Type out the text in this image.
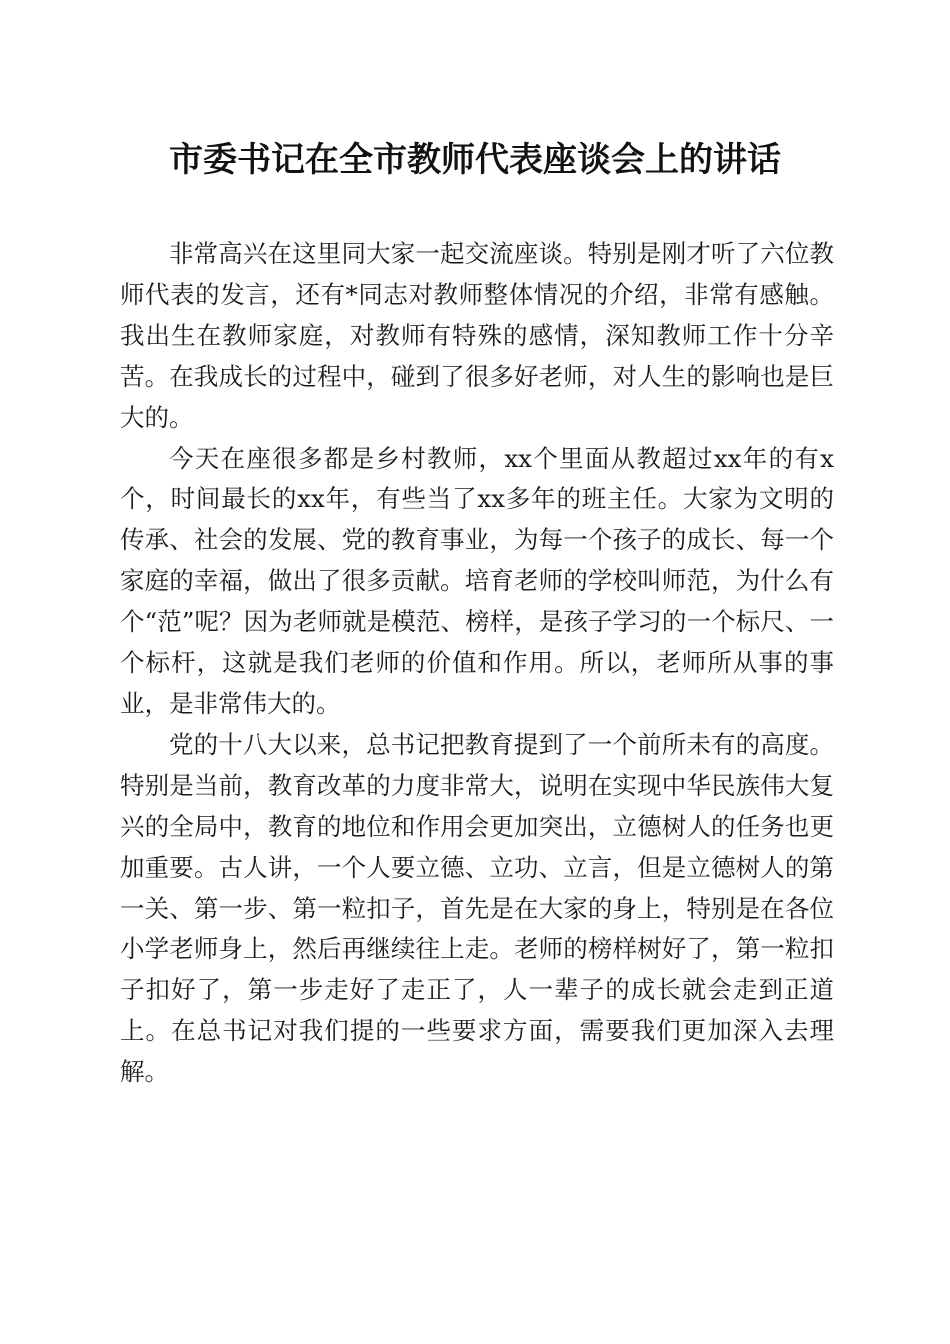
市委书记在全市教师代表座谈会上的讲话

非常高兴在这里同大家一起交流座谈。特别是刚才听了六位教师代表的发言，还有*同志对教师整体情况的介绍，非常有感触。我出生在教师家庭，对教师有特殊的感情，深知教师工作十分辛苦。在我成长的过程中，碰到了很多好老师，对人生的影响也是巨大的。

今天在座很多都是乡村教师，xx个里面从教超过xx年的有x个，时间最长的xx年，有些当了xx多年的班主任。大家为文明的传承、社会的发展、党的教育事业，为每一个孩子的成长、每一个家庭的幸福，做出了很多贡献。培育老师的学校叫师范，为什么有个“范”呢？因为老师就是模范、榜样，是孩子学习的一个标尺、一个标杆，这就是我们老师的价值和作用。所以，老师所从事的事业，是非常伟大的。

党的十八大以来，总书记把教育提到了一个前所未有的高度。特别是当前，教育改革的力度非常大，说明在实现中华民族伟大复兴的全局中，教育的地位和作用会更加突出，立德树人的任务也更加重要。古人讲，一个人要立德、立功、立言，但是立德树人的第一关、第一步、第一粒扣子，首先是在大家的身上，特别是在各位小学老师身上，然后再继续往上走。老师的榜样树好了，第一粒扣子扣好了，第一步走好了走正了，人一辈子的成长就会走到正道上。在总书记对我们提的一些要求方面，需要我们更加深入去理解。
